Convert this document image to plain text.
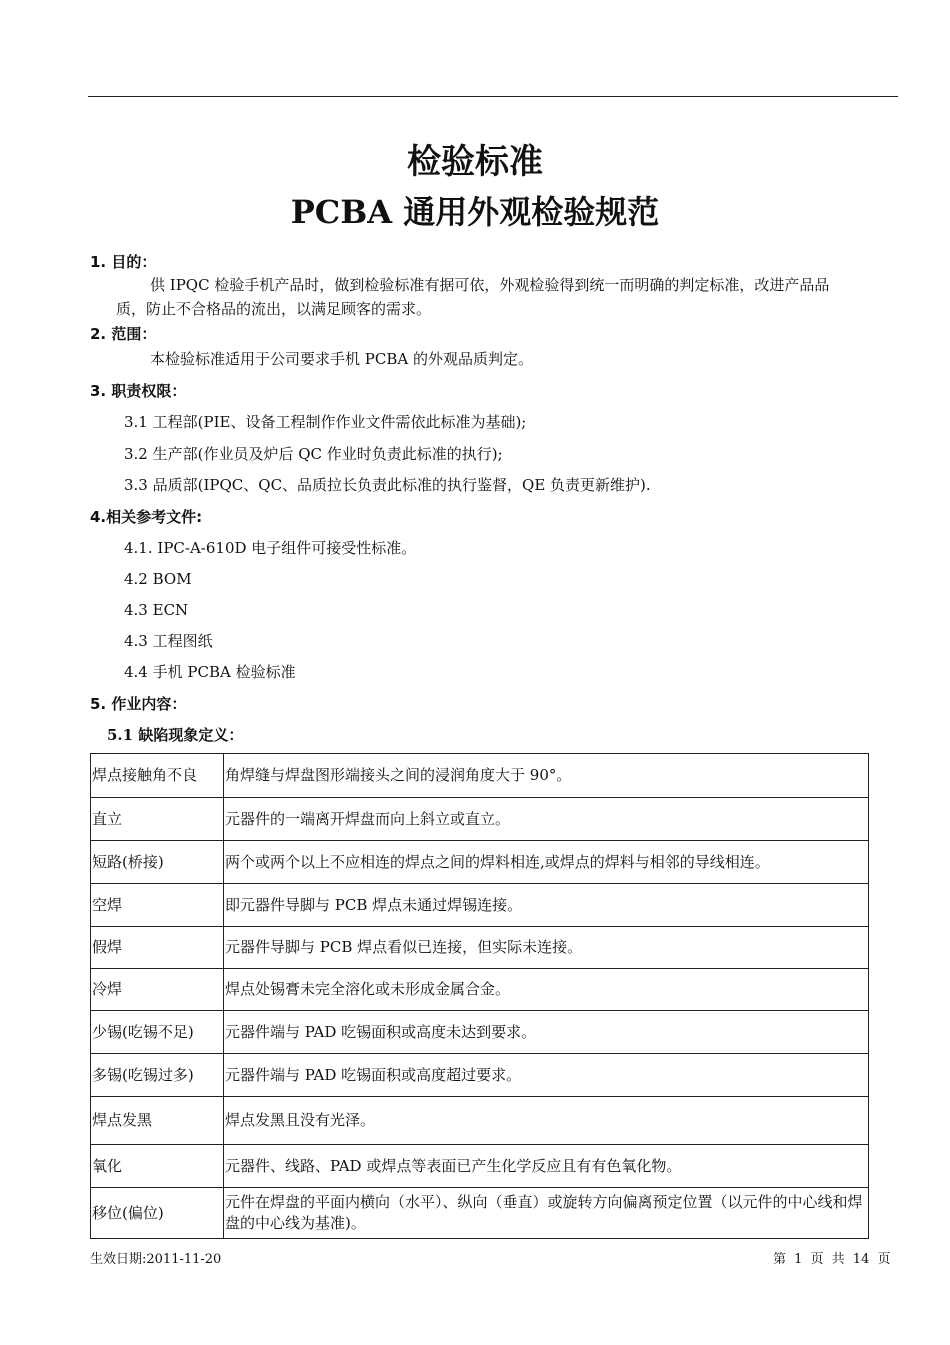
检验标准
PCBA 通用外观检验规范
1. 目的：
供 IPQC 检验手机产品时，做到检验标准有据可依，外观检验得到统一而明确的判定标准，改进产品品
质，防止不合格品的流出，以满足顾客的需求。
2. 范围：
本检验标准适用于公司要求手机 PCBA 的外观品质判定。
3. 职责权限：
3.1 工程部(PIE、设备工程制作作业文件需依此标准为基础);
3.2 生产部(作业员及炉后 QC 作业时负责此标准的执行);
3.3 品质部(IPQC、QC、品质拉长负责此标准的执行鉴督，QE 负责更新维护).
4.相关参考文件:
4.1. IPC-A-610D 电子组件可接受性标准。
4.2 BOM
4.3 ECN
4.3 工程图纸
4.4 手机 PCBA 检验标准
5. 作业内容：
5.1 缺陷现象定义：
焊点接触角不良	角焊缝与焊盘图形端接头之间的浸润角度大于 90°。
直立	元器件的一端离开焊盘而向上斜立或直立。
短路(桥接)	两个或两个以上不应相连的焊点之间的焊料相连,或焊点的焊料与相邻的导线相连。
空焊	即元器件导脚与 PCB 焊点未通过焊锡连接。
假焊	元器件导脚与 PCB 焊点看似已连接，但实际未连接。
冷焊	焊点处锡膏未完全溶化或未形成金属合金。
少锡(吃锡不足)	元器件端与 PAD 吃锡面积或高度未达到要求。
多锡(吃锡过多)	元器件端与 PAD 吃锡面积或高度超过要求。
焊点发黑	焊点发黑且没有光泽。
氧化	元器件、线路、PAD 或焊点等表面已产生化学反应且有有色氧化物。
移位(偏位)	元件在焊盘的平面内横向（水平）、纵向（垂直）或旋转方向偏离预定位置（以元件的中心线和焊盘的中心线为基准)。
生效日期:2011-11-20	第 1 页 共 14 页
